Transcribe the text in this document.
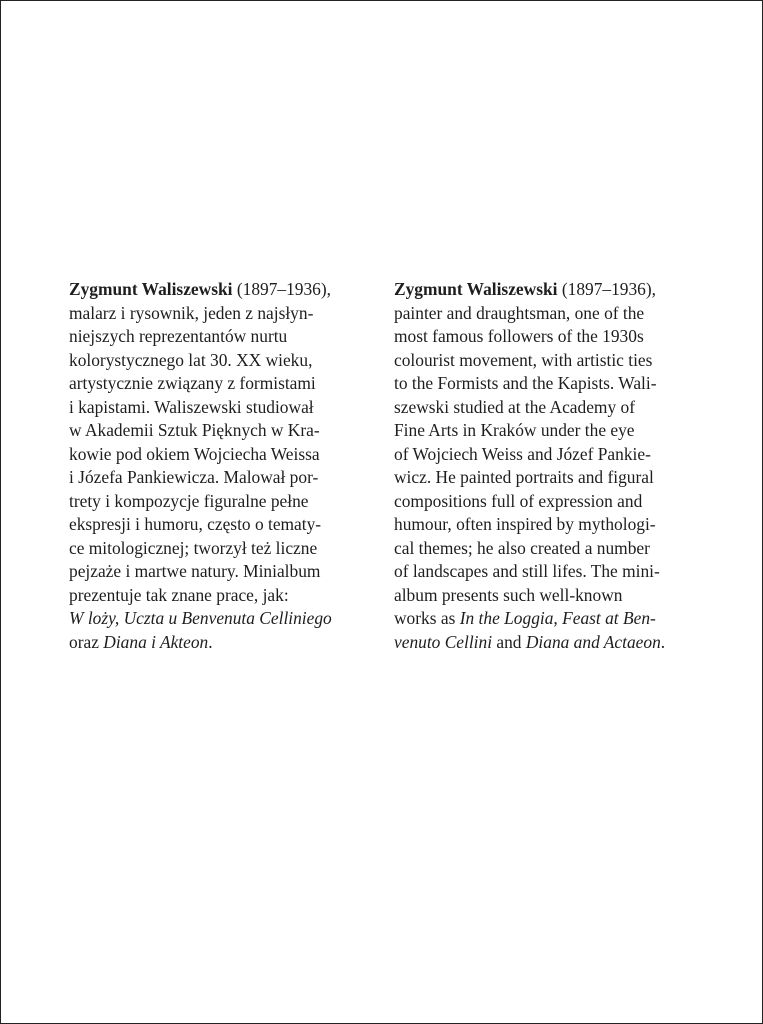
Zygmunt Waliszewski (1897–1936),
malarz i rysownik, jeden z najsłyn-
niejszych reprezentantów nurtu
kolorystycznego lat 30. XX wieku,
artystycznie związany z formistami
i kapistami. Waliszewski studiował
w Akademii Sztuk Pięknych w Kra-
kowie pod okiem Wojciecha Weissa
i Józefa Pankiewicza. Malował por-
trety i kompozycje figuralne pełne
ekspresji i humoru, często o tematy-
ce mitologicznej; tworzył też liczne
pejzaże i martwe natury. Minialbum
prezentuje tak znane prace, jak:
W loży, Uczta u Benvenuta Celliniego
oraz Diana i Akteon.
Zygmunt Waliszewski (1897–1936),
painter and draughtsman, one of the
most famous followers of the 1930s
colourist movement, with artistic ties
to the Formists and the Kapists. Wali-
szewski studied at the Academy of
Fine Arts in Kraków under the eye
of Wojciech Weiss and Józef Pankie-
wicz. He painted portraits and figural
compositions full of expression and
humour, often inspired by mythologi-
cal themes; he also created a number
of landscapes and still lifes. The mini-
album presents such well-known
works as In the Loggia, Feast at Ben-
venuto Cellini and Diana and Actaeon.
